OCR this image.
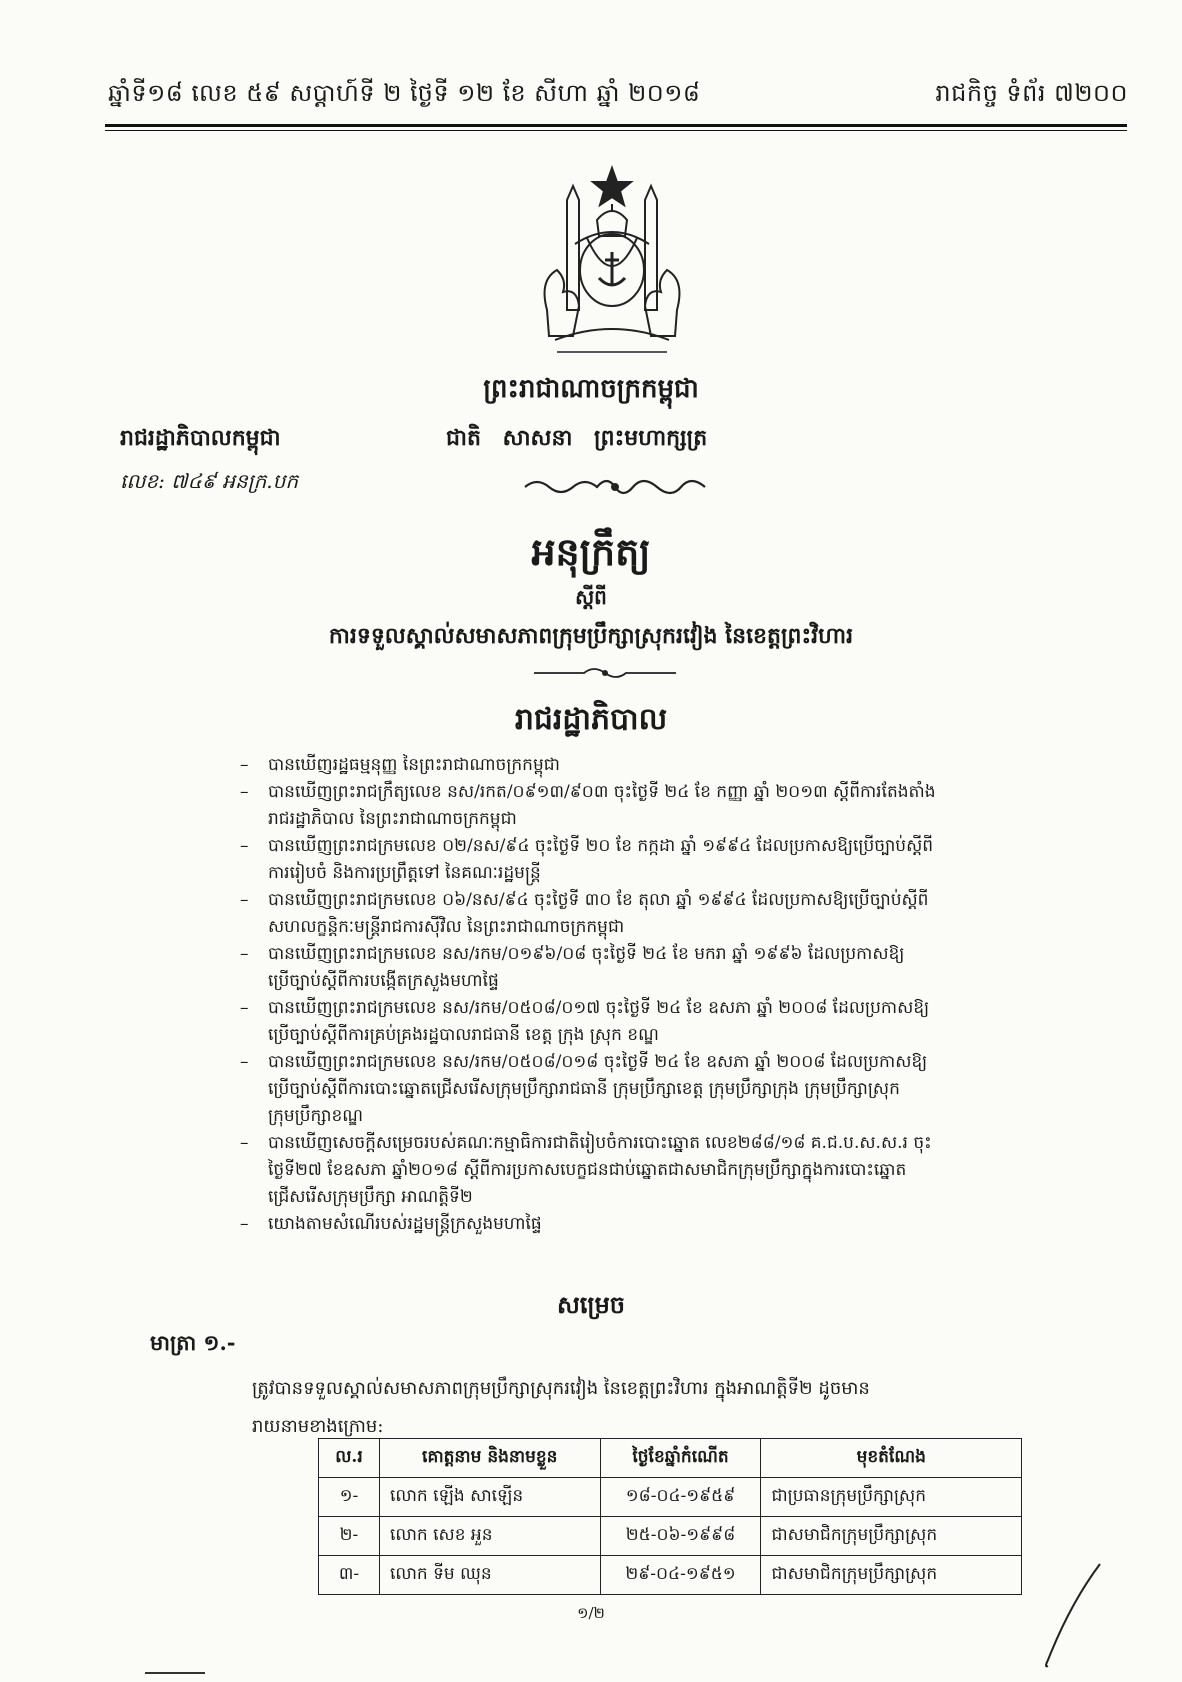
ឆ្នាំទី១៨ លេខ ៥៩ សប្តាហ៍ទី ២ ថ្ងៃទី ១២ ខែ សីហា ឆ្នាំ ២០១៨	រាជកិច្ច ទំព័រ ៧២០០
ព្រះរាជាណាចក្រកម្ពុជា
រាជរដ្ឋាភិបាលកម្ពុជា	ជាតិ សាសនា ព្រះមហាក្សត្រ
លេខ: ៧៤៩ អនក្រ.បក
អនុក្រឹត្យ
ស្តីពី
ការទទួលស្គាល់សមាសភាពក្រុមប្រឹក្សាស្រុករវៀង នៃខេត្តព្រះវិហារ
រាជរដ្ឋាភិបាល
– បានឃើញរដ្ឋធម្មនុញ្ញ នៃព្រះរាជាណាចក្រកម្ពុជា
– បានឃើញព្រះរាជក្រឹត្យលេខ នស/រកត/០៩១៣/៩០៣ ចុះថ្ងៃទី ២៤ ខែ កញ្ញា ឆ្នាំ ២០១៣ ស្តីពីការតែងតាំង
រាជរដ្ឋាភិបាល នៃព្រះរាជាណាចក្រកម្ពុជា
– បានឃើញព្រះរាជក្រមលេខ ០២/នស/៩៤ ចុះថ្ងៃទី ២០ ខែ កក្កដា ឆ្នាំ ១៩៩៤ ដែលប្រកាសឱ្យប្រើច្បាប់ស្តីពី
ការរៀបចំ និងការប្រព្រឹត្តទៅ នៃគណៈរដ្ឋមន្ត្រី
– បានឃើញព្រះរាជក្រមលេខ ០៦/នស/៩៤ ចុះថ្ងៃទី ៣០ ខែ តុលា ឆ្នាំ ១៩៩៤ ដែលប្រកាសឱ្យប្រើច្បាប់ស្តីពី
សហលក្ខន្តិកៈមន្ត្រីរាជការស៊ីវិល នៃព្រះរាជាណាចក្រកម្ពុជា
– បានឃើញព្រះរាជក្រមលេខ នស/រកម/០១៩៦/០៨ ចុះថ្ងៃទី ២៤ ខែ មករា ឆ្នាំ ១៩៩៦ ដែលប្រកាសឱ្យ
ប្រើច្បាប់ស្តីពីការបង្កើតក្រសួងមហាផ្ទៃ
– បានឃើញព្រះរាជក្រមលេខ នស/រកម/០៥០៨/០១៧ ចុះថ្ងៃទី ២៤ ខែ ឧសភា ឆ្នាំ ២០០៨ ដែលប្រកាសឱ្យ
ប្រើច្បាប់ស្តីពីការគ្រប់គ្រងរដ្ឋបាលរាជធានី ខេត្ត ក្រុង ស្រុក ខណ្ឌ
– បានឃើញព្រះរាជក្រមលេខ នស/រកម/០៥០៨/០១៨ ចុះថ្ងៃទី ២៤ ខែ ឧសភា ឆ្នាំ ២០០៨ ដែលប្រកាសឱ្យ
ប្រើច្បាប់ស្តីពីការបោះឆ្នោតជ្រើសរើសក្រុមប្រឹក្សារាជធានី ក្រុមប្រឹក្សាខេត្ត ក្រុមប្រឹក្សាក្រុង ក្រុមប្រឹក្សាស្រុក
ក្រុមប្រឹក្សាខណ្ឌ
– បានឃើញសេចក្តីសម្រេចរបស់គណៈកម្មាធិការជាតិរៀបចំការបោះឆ្នោត លេខ២៨៨/១៨ គ.ជ.ប.ស.ស.រ ចុះ
ថ្ងៃទី២៧ ខែឧសភា ឆ្នាំ២០១៨ ស្តីពីការប្រកាសបេក្ខជនជាប់ឆ្នោតជាសមាជិកក្រុមប្រឹក្សាក្នុងការបោះឆ្នោត
ជ្រើសរើសក្រុមប្រឹក្សា អាណត្តិទី២
– យោងតាមសំណើរបស់រដ្ឋមន្ត្រីក្រសួងមហាផ្ទៃ
សម្រេច
មាត្រា ១.-
ត្រូវបានទទួលស្គាល់សមាសភាពក្រុមប្រឹក្សាស្រុករវៀង នៃខេត្តព្រះវិហារ ក្នុងអាណត្តិទី២ ដូចមាន
រាយនាមខាងក្រោម:
ល.រ	គោត្តនាម និងនាមខ្លួន	ថ្ងៃខែឆ្នាំកំណើត	មុខតំណែង
១-	លោក ឡើង សាឡើន	១៨-០៤-១៩៥៩	ជាប្រធានក្រុមប្រឹក្សាស្រុក
២-	លោក សេខ អួន	២៥-០៦-១៩៩៨	ជាសមាជិកក្រុមប្រឹក្សាស្រុក
៣-	លោក ទីម ឈុន	២៩-០៤-១៩៥១	ជាសមាជិកក្រុមប្រឹក្សាស្រុក
១/២
